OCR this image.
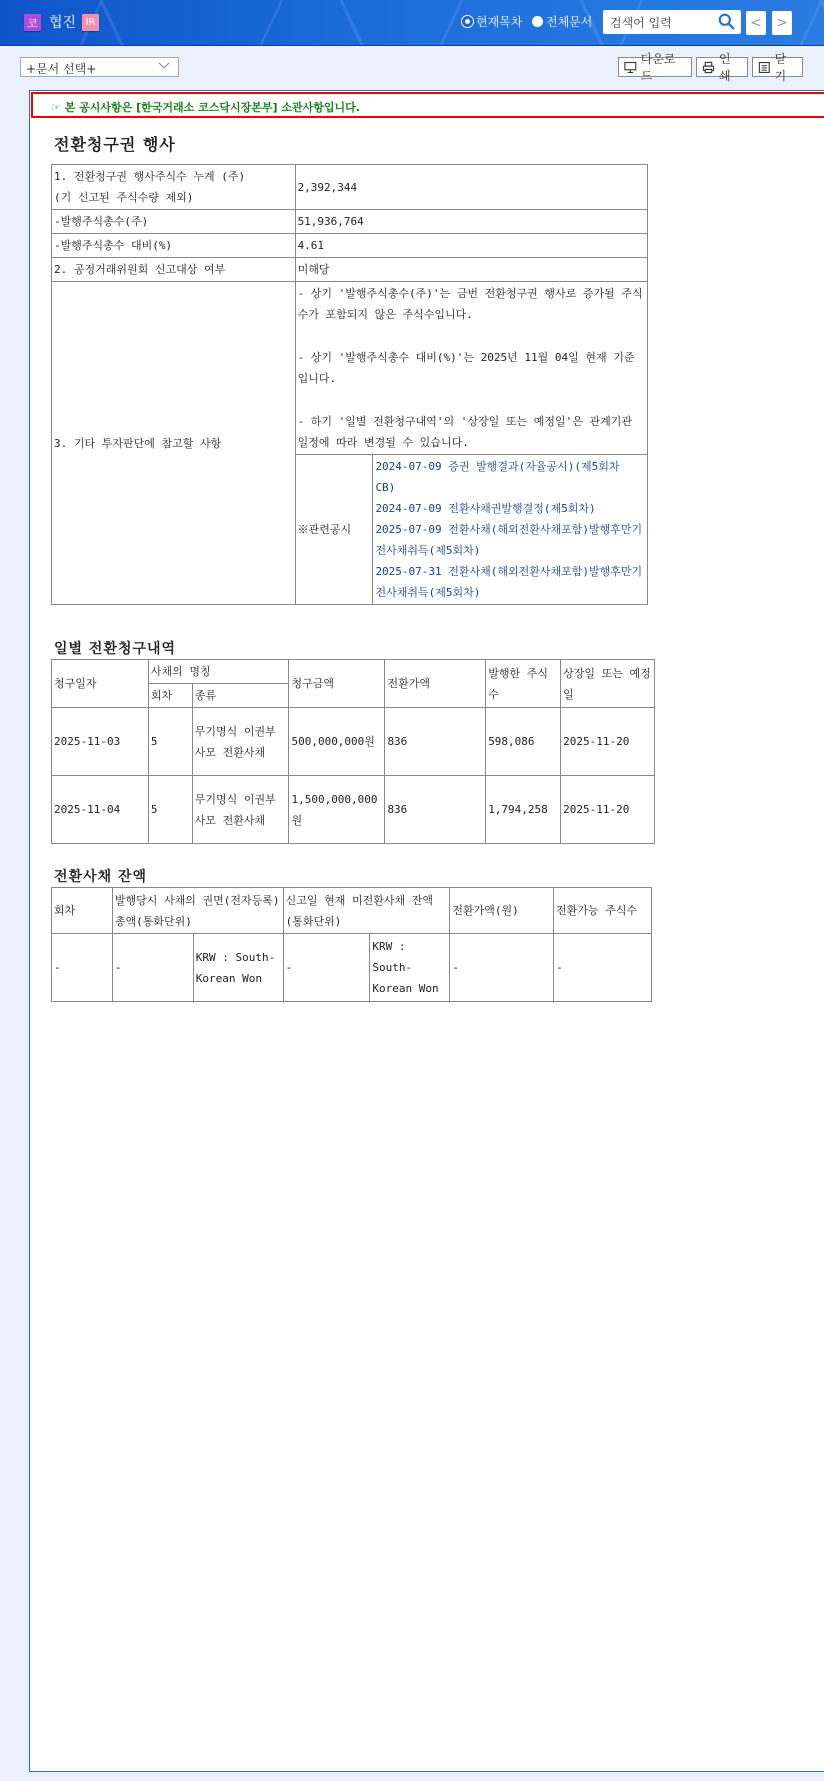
코 협진 IR	현재목차 전체문서 검색어 입력	< >
+문서 선택+
다운로드
인쇄
닫기
☞ 본 공시사항은 [한국거래소 코스닥시장본부] 소관사항입니다.
전환청구권 행사
1. 전환청구권 행사주식수 누계 (주)
(기 신고된 주식수량 제외)	2,392,344	
-발행주식총수(주)	51,936,764	
-발행주식총수 대비(%)	4.61	
2. 공정거래위원회 신고대상 여부	미해당	
3. 기타 투자판단에 참고할 사항	- 상기 '발행주식총수(주)'는 금번 전환청구권 행사로 증가될 주식수가 포함되지 않은 주식수입니다.
- 상기 '발행주식총수 대비(%)'는 2025년 11월 04일 현재 기준입니다.
- 하기 '일별 전환청구내역'의 '상장일 또는 예정일'은 관계기관 일정에 따라 변경될 수 있습니다.	

	※관련공시	2024-07-09 증권 발행결과(자율공시)(제5회차 CB)
2024-07-09 전환사채권발행결정(제5회차)
2025-07-09 전환사채(해외전환사채포함)발행후만기전사채취득(제5회차)
2025-07-31 전환사채(해외전환사채포함)발행후만기전사채취득(제5회차)
일별 전환청구내역
청구일자	사채의 명칭		청구금액	전환가액	발행한 주식수	상장일 또는 예정일
	회차	종류				
2025-11-03	5	무기명식 이권부 사모 전환사채	500,000,000원	836	598,086	2025-11-20
2025-11-04	5	무기명식 이권부 사모 전환사채	1,500,000,000원	836	1,794,258	2025-11-20
전환사채 잔액
회차	발행당시 사채의 권면(전자등록)총액(통화단위)		신고일 현재 미전환사채 잔액 (통화단위)		전환가액(원)	전환가능 주식수
-	-	KRW : South-Korean Won	-	KRW : South-Korean Won	-	-
